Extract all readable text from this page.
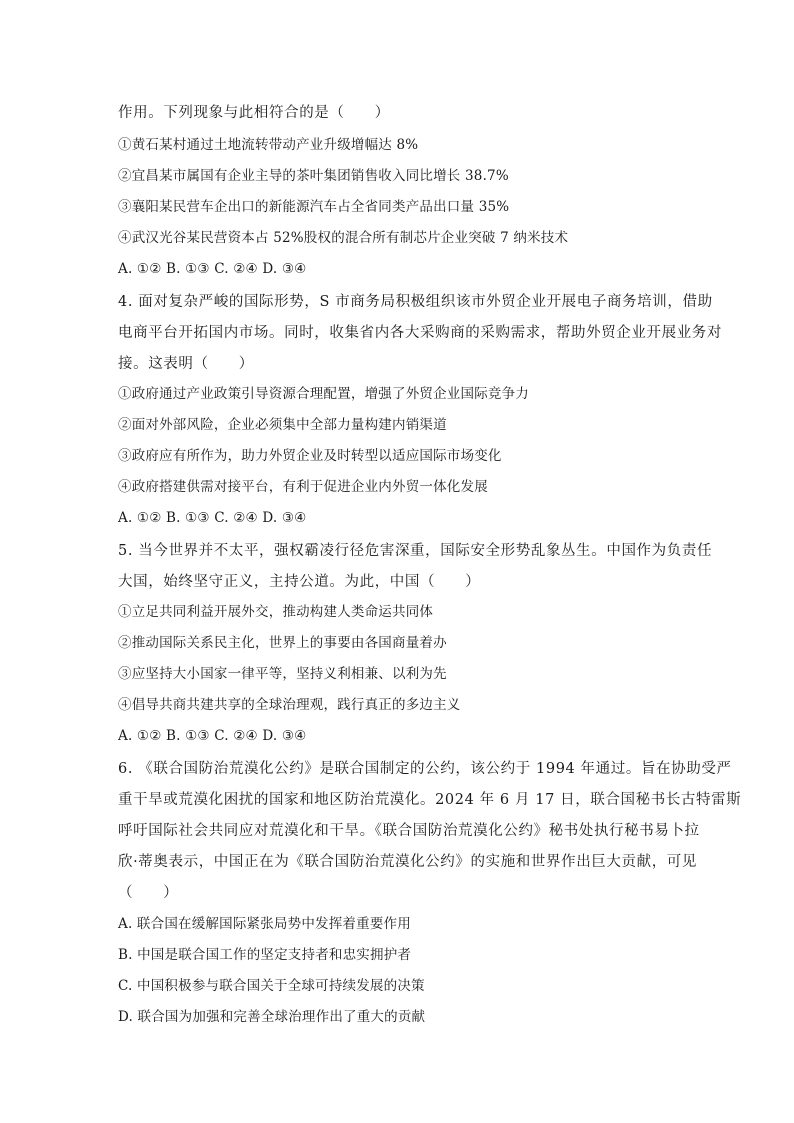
作用。下列现象与此相符合的是（　　）
①黄石某村通过土地流转带动产业升级增幅达 8%
②宜昌某市属国有企业主导的茶叶集团销售收入同比增长 38.7%
③襄阳某民营车企出口的新能源汽车占全省同类产品出口量 35%
④武汉光谷某民营资本占 52%股权的混合所有制芯片企业突破 7 纳米技术
A. ①② B. ①③ C. ②④ D. ③④
4. 面对复杂严峻的国际形势，S 市商务局积极组织该市外贸企业开展电子商务培训，借助
电商平台开拓国内市场。同时，收集省内各大采购商的采购需求，帮助外贸企业开展业务对
接。这表明（　　）
①政府通过产业政策引导资源合理配置，增强了外贸企业国际竞争力
②面对外部风险，企业必须集中全部力量构建内销渠道
③政府应有所作为，助力外贸企业及时转型以适应国际市场变化
④政府搭建供需对接平台，有利于促进企业内外贸一体化发展
A. ①② B. ①③ C. ②④ D. ③④
5. 当今世界并不太平，强权霸凌行径危害深重，国际安全形势乱象丛生。中国作为负责任
大国，始终坚守正义，主持公道。为此，中国（　　）
①立足共同利益开展外交，推动构建人类命运共同体
②推动国际关系民主化，世界上的事要由各国商量着办
③应坚持大小国家一律平等，坚持义利相兼、以利为先
④倡导共商共建共享的全球治理观，践行真正的多边主义
A. ①② B. ①③ C. ②④ D. ③④
6. 《联合国防治荒漠化公约》是联合国制定的公约，该公约于 1994 年通过。旨在协助受严
重干旱或荒漠化困扰的国家和地区防治荒漠化。2024 年 6 月 17 日，联合国秘书长古特雷斯
呼吁国际社会共同应对荒漠化和干旱。《联合国防治荒漠化公约》秘书处执行秘书易卜拉
欣·蒂奥表示，中国正在为《联合国防治荒漠化公约》的实施和世界作出巨大贡献，可见
（　　）
A. 联合国在缓解国际紧张局势中发挥着重要作用
B. 中国是联合国工作的坚定支持者和忠实拥护者
C. 中国积极参与联合国关于全球可持续发展的决策
D. 联合国为加强和完善全球治理作出了重大的贡献
